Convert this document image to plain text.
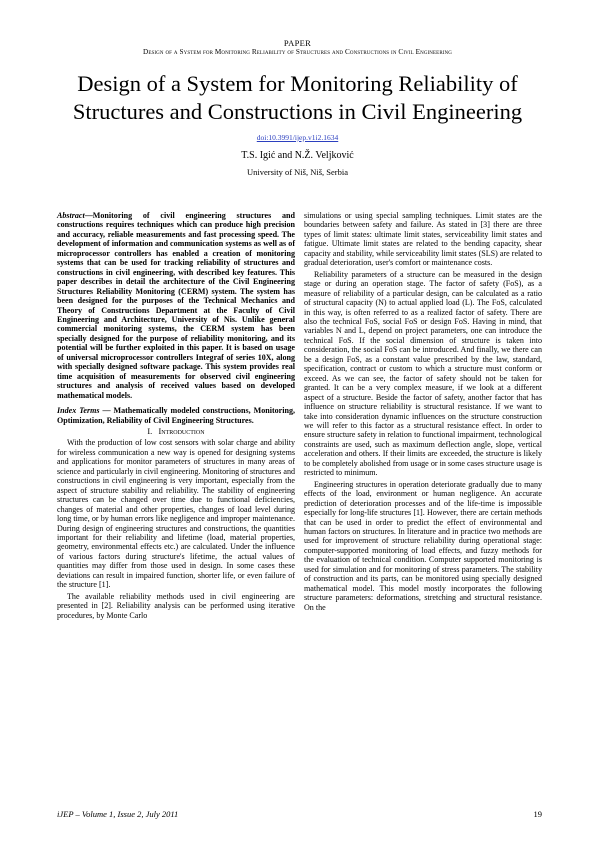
PAPER
Design of a System for Monitoring Reliability of Structures and Constructions in Civil Engineering
Design of a System for Monitoring Reliability of Structures and Constructions in Civil Engineering
doi:10.3991/ijep.v1i2.1634
T.S. Igić and N.Ž. Veljković
University of Niš, Niš, Serbia

Abstract—Monitoring of civil engineering structures and constructions requires techniques which can produce high precision and accuracy, reliable measurements and fast processing speed. The development of information and communication systems as well as of microprocessor controllers has enabled a creation of monitoring systems that can be used for tracking reliability of structures and constructions in civil engineering, with described key features. This paper describes in detail the architecture of the Civil Engineering Structures Reliability Monitoring (CERM) system. The system has been designed for the purposes of the Technical Mechanics and Theory of Constructions Department at the Faculty of Civil Engineering and Architecture, University of Nis. Unlike general commercial monitoring systems, the CERM system has been specially designed for the purpose of reliability monitoring, and its potential will be further exploited in this paper. It is based on usage of universal microprocessor controllers Integraf of series 10X, along with specially designed software package. This system provides real time acquisition of measurements for observed civil engineering structures and analysis of received values based on developed mathematical models.

Index Terms — Mathematically modeled constructions, Monitoring, Optimization, Reliability of Civil Engineering Structures.

I. Introduction

With the production of low cost sensors with solar charge and ability for wireless communication a new way is opened for designing systems and applications for monitor parameters of structures in many areas of science and particularly in civil engineering. Monitoring of structures and constructions in civil engineering is very important, especially from the aspect of structure stability and reliability. The stability of engineering structures can be changed over time due to functional deficiencies, changes of material and other properties, changes of load level during long time, or by human errors like negligence and improper maintenance. During design of engineering structures and constructions, the quantities important for their reliability and lifetime (load, material properties, geometry, environmental effects etc.) are calculated. Under the influence of various factors during structure's lifetime, the actual values of quantities may differ from those used in design. In some cases these deviations can result in impaired function, shorter life, or even failure of the structure [1].

The available reliability methods used in civil engineering are presented in [2]. Reliability analysis can be performed using iterative procedures, by Monte Carlo

simulations or using special sampling techniques. Limit states are the boundaries between safety and failure. As stated in [3] there are three types of limit states: ultimate limit states, serviceability limit states and fatigue. Ultimate limit states are related to the bending capacity, shear capacity and stability, while serviceability limit states (SLS) are related to gradual deterioration, user's comfort or maintenance costs.

Reliability parameters of a structure can be measured in the design stage or during an operation stage. The factor of safety (FoS), as a measure of reliability of a particular design, can be calculated as a ratio of structural capacity (N) to actual applied load (L). The FoS, calculated in this way, is often referred to as a realized factor of safety. There are also the technical FoS, social FoS or design FoS. Having in mind, that variables N and L, depend on project parameters, one can introduce the technical FoS. If the social dimension of structure is taken into consideration, the social FoS can be introduced. And finally, we there can be a design FoS, as a constant value prescribed by the law, standard, specification, contract or custom to which a structure must conform or exceed. As we can see, the factor of safety should not be taken for granted. It can be a very complex measure, if we look at a different aspect of a structure. Beside the factor of safety, another factor that has influence on structure reliability is structural resistance. If we want to take into consideration dynamic influences on the structure construction we will refer to this factor as a structural resistance effect. In order to ensure structure safety in relation to functional impairment, technological constraints are used, such as maximum deflection angle, slope, vertical acceleration and others. If their limits are exceeded, the structure is likely to be completely abolished from usage or in some cases structure usage is restricted to minimum.

Engineering structures in operation deteriorate gradually due to many effects of the load, environment or human negligence. An accurate prediction of deterioration processes and of the life-time is impossible especially for long-life structures [1]. However, there are certain methods that can be used in order to predict the effect of environmental and human factors on structures. In literature and in practice two methods are used for improvement of structure reliability during operational stage: computer-supported monitoring of load effects, and fuzzy methods for the evaluation of technical condition. Computer supported monitoring is used for simulation and for monitoring of stress parameters. The stability of construction and its parts, can be monitored using specially designed mathematical model. This model mostly incorporates the following structure parameters: deformations, stretching and structural resistance. On the

iJEP – Volume 1, Issue 2, July 2011	19
